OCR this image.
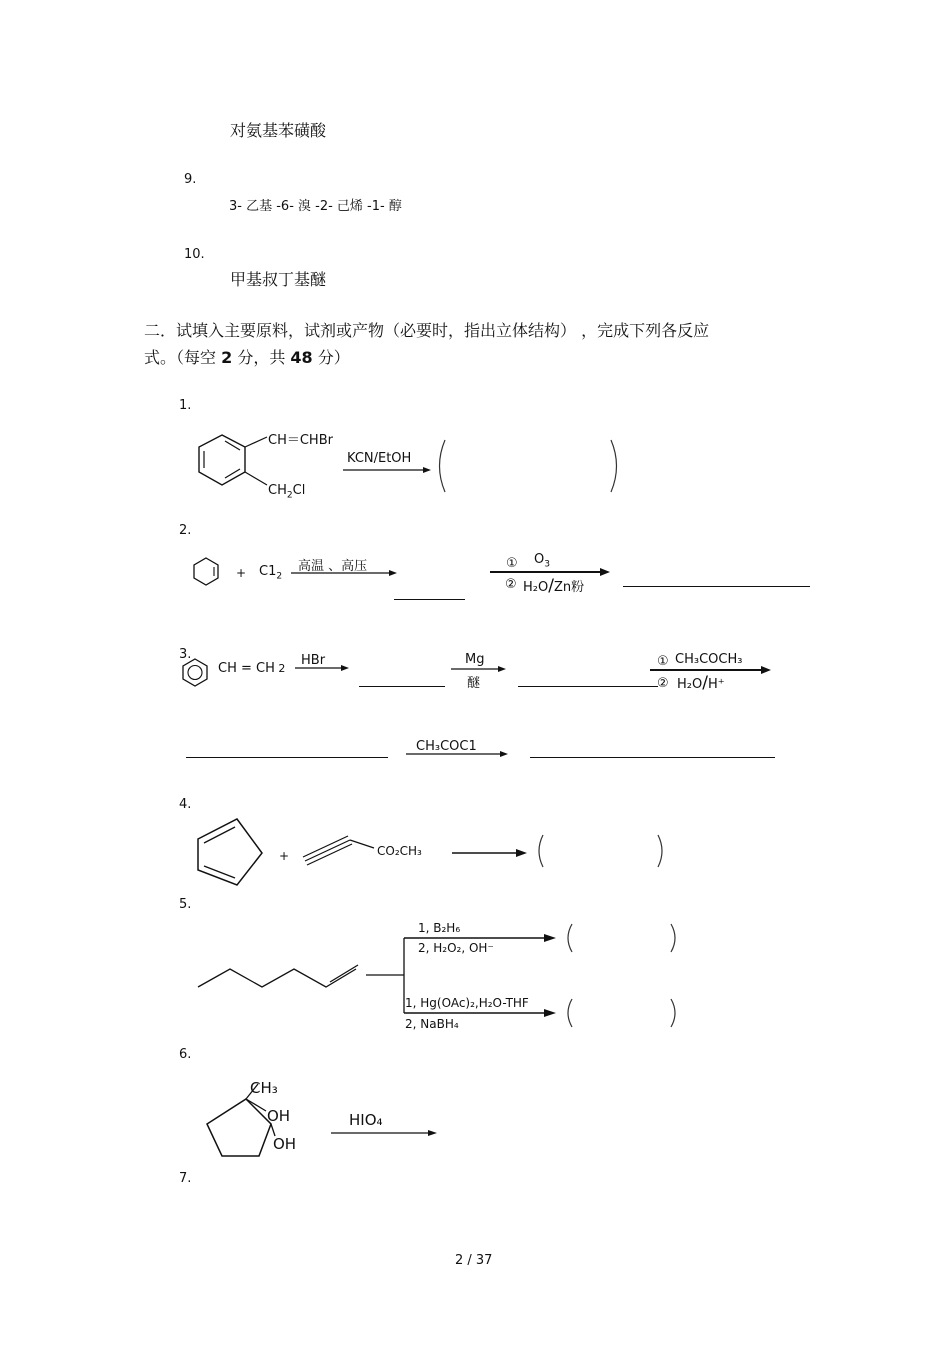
对氨基苯磺酸
9.
3- 乙基 -6- 溴 -2- 己烯 -1- 醇
10.
甲基叔丁基醚
二．试填入主要原料，试剂或产物（必要时，指出立体结构） ，完成下列各反应
式。（每空 2 分，共 48 分）
1.
CH＝CHBr
$CH_2Cl$
KCN/EtOH
2.
+ $C1_2$
高温 、高压	① $O_3$
② H₂O/Zn粉
3.
CH = CH 2
HBr	Mg
醚
① CH₃COCH₃
② H₂O/H⁺
CH₃COC1
4.
+	CO₂CH₃
5.
1, B₂H₆
2, H₂O₂, OH⁻
1, Hg(OAc)₂,H₂O-THF
2, NaBH₄
6.
CH₃
OH
OH
HIO₄
7.
2 / 37
